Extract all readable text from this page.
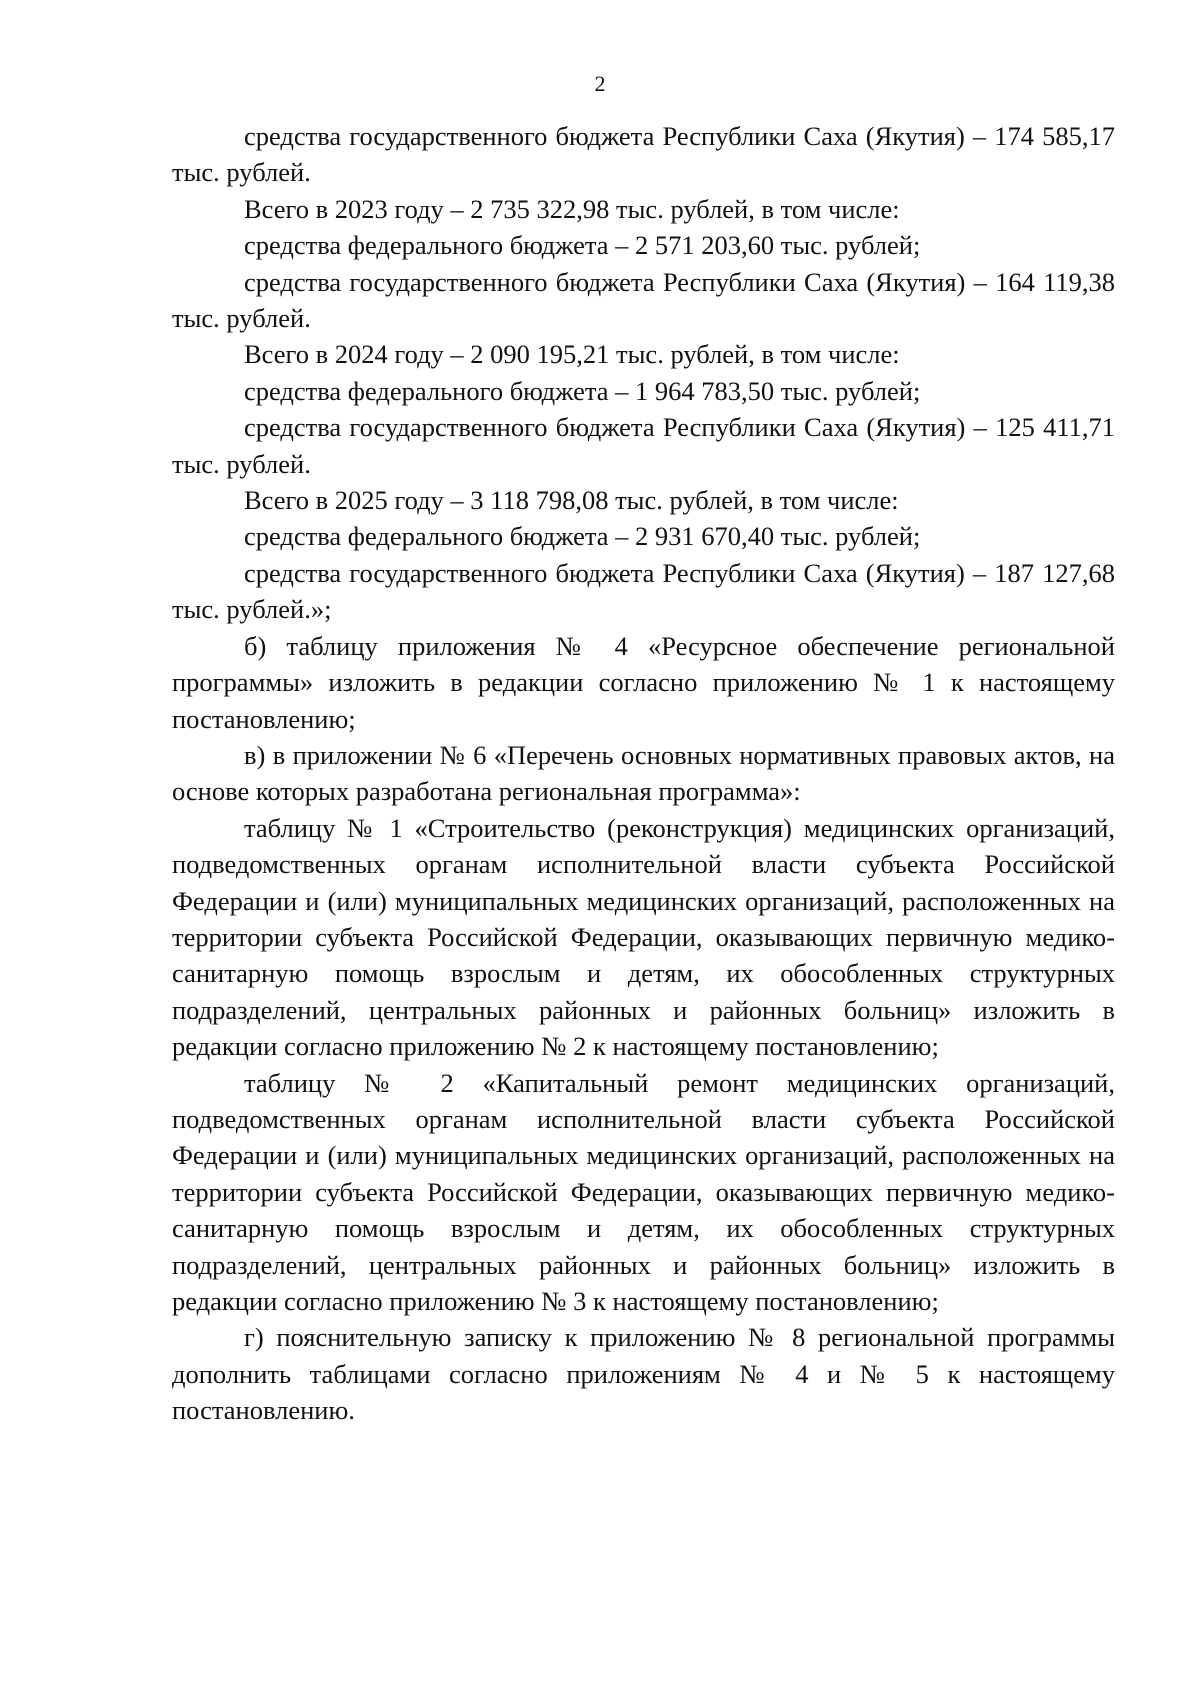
2

средства государственного бюджета Республики Саха (Якутия) – 174 585,17 тыс. рублей.

Всего в 2023 году – 2 735 322,98 тыс. рублей, в том числе:

средства федерального бюджета – 2 571 203,60 тыс. рублей;

средства государственного бюджета Республики Саха (Якутия) – 164 119,38 тыс. рублей.

Всего в 2024 году – 2 090 195,21 тыс. рублей, в том числе:

средства федерального бюджета – 1 964 783,50 тыс. рублей;

средства государственного бюджета Республики Саха (Якутия) – 125 411,71 тыс. рублей.

Всего в 2025 году – 3 118 798,08 тыс. рублей, в том числе:

средства федерального бюджета – 2 931 670,40 тыс. рублей;

средства государственного бюджета Республики Саха (Якутия) – 187 127,68 тыс. рублей.»;

б) таблицу приложения № 4 «Ресурсное обеспечение региональной программы» изложить в редакции согласно приложению № 1 к настоящему постановлению;

в) в приложении № 6 «Перечень основных нормативных правовых актов, на основе которых разработана региональная программа»:

таблицу № 1 «Строительство (реконструкция) медицинских организаций, подведомственных органам исполнительной власти субъекта Российской Федерации и (или) муниципальных медицинских организаций, расположенных на территории субъекта Российской Федерации, оказывающих первичную медико-санитарную помощь взрослым и детям, их обособленных структурных подразделений, центральных районных и районных больниц» изложить в редакции согласно приложению № 2 к настоящему постановлению;

таблицу № 2 «Капитальный ремонт медицинских организаций, подведомственных органам исполнительной власти субъекта Российской Федерации и (или) муниципальных медицинских организаций, расположенных на территории субъекта Российской Федерации, оказывающих первичную медико-санитарную помощь взрослым и детям, их обособленных структурных подразделений, центральных районных и районных больниц» изложить в редакции согласно приложению № 3 к настоящему постановлению;

г) пояснительную записку к приложению № 8 региональной программы дополнить таблицами согласно приложениям № 4 и № 5 к настоящему постановлению.
